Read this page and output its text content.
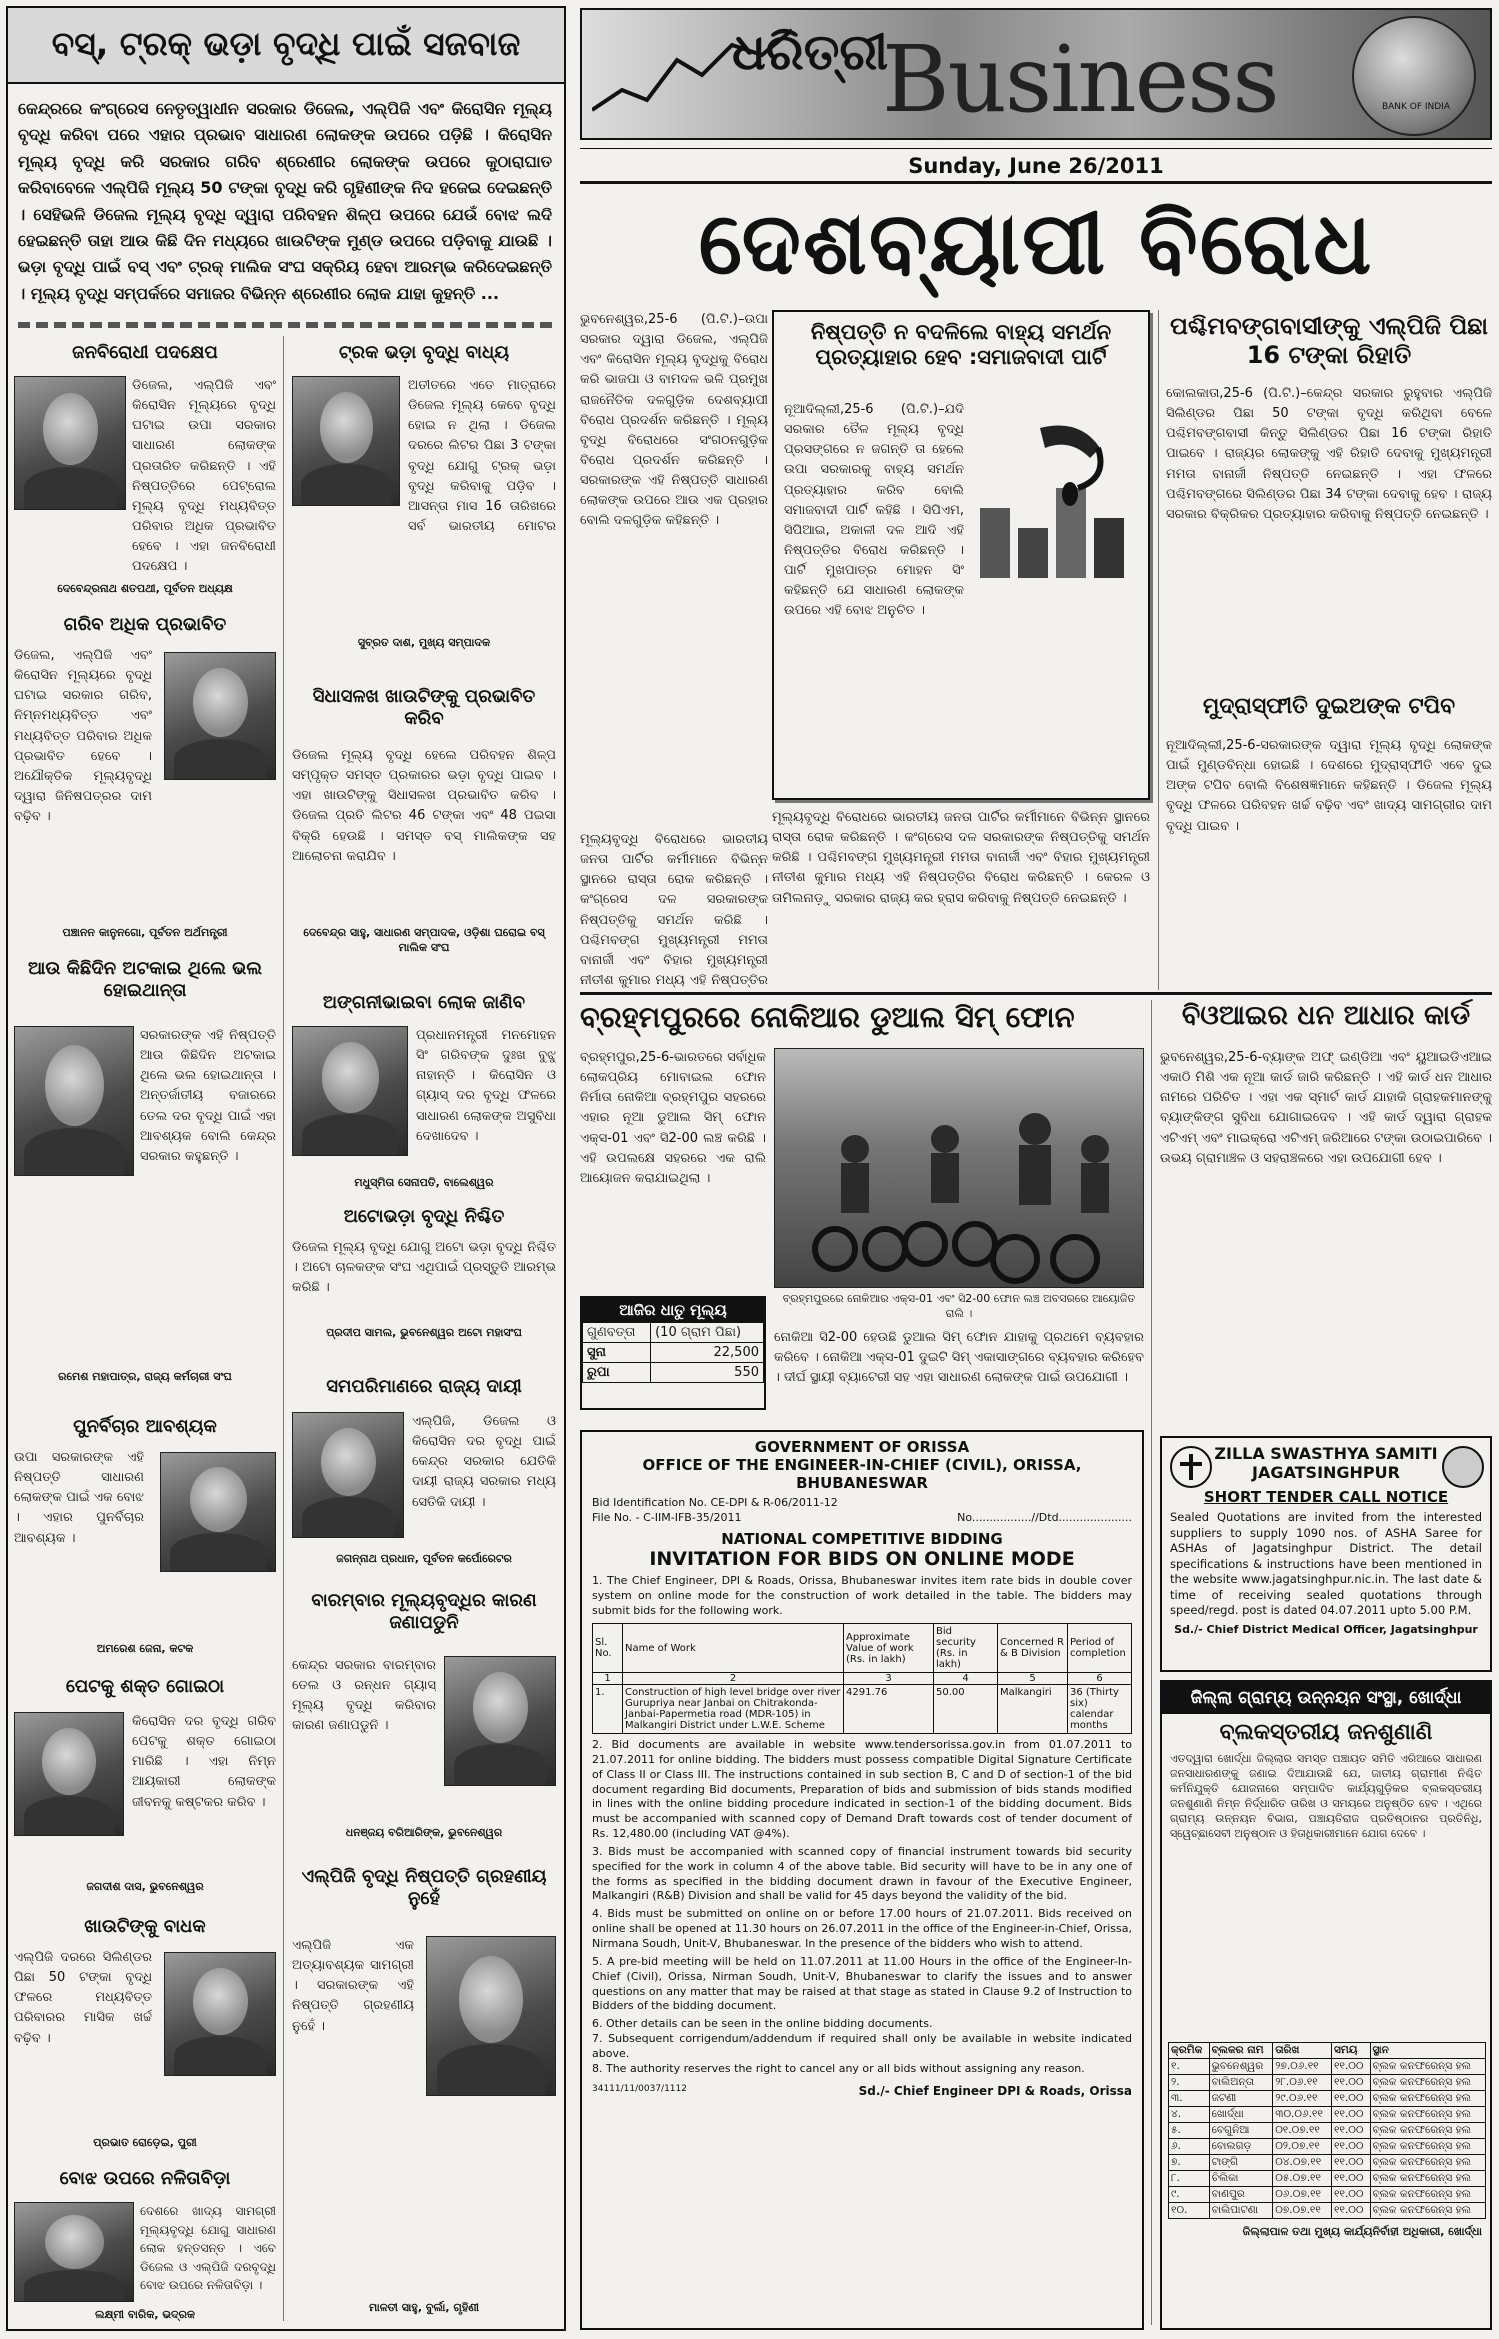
ବସ୍, ଟ୍ରକ୍ ଭଡ଼ା ବୃଦ୍ଧି ପାଇଁ ସଜବାଜ
କେନ୍ଦ୍ରରେ କଂଗ୍ରେସ ନେତୃତ୍ୱାଧୀନ ସରକାର ଡିଜେଲ, ଏଲ୍‌ପିଜି ଏବଂ କିରୋସିନ ମୂଲ୍ୟ ବୃଦ୍ଧି କରିବା ପରେ ଏହାର ପ୍ରଭାବ ସାଧାରଣ ଲୋକଙ୍କ ଉପରେ ପଡ଼ିଛି । କିରୋସିନ ମୂଲ୍ୟ ବୃଦ୍ଧି କରି ସରକାର ଗରିବ ଶ୍ରେଣୀର ଲୋକଙ୍କ ଉପରେ କୁଠାରାଘାତ କରିବାବେଳେ ଏଲ୍‌ପିଜି ମୂଲ୍ୟ 50 ଟଙ୍କା ବୃଦ୍ଧି କରି ଗୃହିଣୀଙ୍କ ନିଦ ହଜେଇ ଦେଇଛନ୍ତି । ସେହିଭଳି ଡିଜେଲ ମୂଲ୍ୟ ବୃଦ୍ଧି ଦ୍ୱାରା ପରିବହନ ଶିଳ୍ପ ଉପରେ ଯେଉଁ ବୋଝ ଲଦି ହେଇଛନ୍ତି ତାହା ଆଉ କିଛି ଦିନ ମଧ୍ୟରେ ଖାଉଟିଙ୍କ ମୁଣ୍ଡ ଉପରେ ପଡ଼ିବାକୁ ଯାଉଛି । ଭଡ଼ା ବୃଦ୍ଧି ପାଇଁ ବସ୍ ଏବଂ ଟ୍ରକ୍ ମାଲିକ ସଂଘ ସକ୍ରିୟ ହେବା ଆରମ୍ଭ କରିଦେଇଛନ୍ତି । ମୂଲ୍ୟ ବୃଦ୍ଧି ସମ୍ପର୍କରେ ସମାଜର ବିଭିନ୍ନ ଶ୍ରେଣୀର ଲୋକ ଯାହା କୁହନ୍ତି ...
ଜନବିରୋଧୀ ପଦକ୍ଷେପ
ଡିଜେଲ, ଏଲ୍‌ପିଜି ଏବଂ କିରୋସିନ ମୂଲ୍ୟରେ ବୃଦ୍ଧି ଘଟାଇ ଉପା ସରକାର ସାଧାରଣ ଲୋକଙ୍କ ପ୍ରତାରିତ କରିଛନ୍ତି । ଏହି ନିଷ୍ପତ୍ତିରେ ପେଟ୍ରୋଲ ମୂଲ୍ୟ ବୃଦ୍ଧି ମଧ୍ୟବିତ୍ତ ପରିବାର ଅଧିକ ପ୍ରଭାବିତ ହେବେ । ଏହା ଜନବିରୋଧୀ ପଦକ୍ଷେପ ।
ଦେବେନ୍ଦ୍ରନାଥ ଶତପଥୀ, ପୂର୍ବତନ ଅଧ୍ୟକ୍ଷ
ଗରିବ ଅଧିକ ପ୍ରଭାବିତ
ଡିଜେଲ, ଏଲ୍‌ପିଜି ଏବଂ କିରୋସିନ ମୂଲ୍ୟରେ ବୃଦ୍ଧି ଘଟାଇ ସରକାର ଗରିବ, ନିମ୍ନମଧ୍ୟବିତ୍ତ ଏବଂ ମଧ୍ୟବିତ୍ତ ପରିବାର ଅଧିକ ପ୍ରଭାବିତ ହେବେ । ଅଯୌକ୍ତିକ ମୂଲ୍ୟବୃଦ୍ଧି ଦ୍ୱାରା ଜିନିଷପତ୍ରର ଦାମ ବଢ଼ିବ ।
ପଞ୍ଚାନନ କାନୁନଗୋ, ପୂର୍ବତନ ଅର୍ଥମନ୍ତ୍ରୀ
ଆଉ କିଛିଦିନ ଅଟକାଇ ଥିଲେ ଭଲ ହୋଇଥାନ୍ତା
ସରକାରଙ୍କ ଏହି ନିଷ୍ପତ୍ତି ଆଉ କିଛିଦିନ ଅଟକାଇ ଥିଲେ ଭଲ ହୋଇଥାନ୍ତା । ଅନ୍ତର୍ଜାତୀୟ ବଜାରରେ ତେଲ ଦର ବୃଦ୍ଧି ପାଇଁ ଏହା ଆବଶ୍ୟକ ବୋଲି କେନ୍ଦ୍ର ସରକାର କହୁଛନ୍ତି ।
ରମେଶ ମହାପାତ୍ର, ରାଜ୍ୟ କର୍ମଚାରୀ ସଂଘ
ପୁନର୍ବିଚାର ଆବଶ୍ୟକ
ଉପା ସରକାରଙ୍କ ଏହି ନିଷ୍ପତ୍ତି ସାଧାରଣ ଲୋକଙ୍କ ପାଇଁ ଏକ ବୋଝ । ଏହାର ପୁନର୍ବିଚାର ଆବଶ୍ୟକ ।
ଅମରେଶ ଜେନା, କଟକ
ପେଟକୁ ଶକ୍ତ ଗୋଇଠା
କିରୋସିନ ଦର ବୃଦ୍ଧି ଗରିବ ପେଟକୁ ଶକ୍ତ ଗୋଇଠା ମାରିଛି । ଏହା ନିମ୍ନ ଆୟକାରୀ ଲୋକଙ୍କ ଜୀବନକୁ କଷ୍ଟକର କରିବ ।
ଜଗଦୀଶ ଦାସ, ଭୁବନେଶ୍ୱର
ଖାଉଟିଙ୍କୁ ବାଧକ
ଏଲ୍‌ପିଜି ଦରରେ ସିଲିଣ୍ଡର ପିଛା 50 ଟଙ୍କା ବୃଦ୍ଧି ଫଳରେ ମଧ୍ୟବିତ୍ତ ପରିବାରର ମାସିକ ଖର୍ଚ୍ଚ ବଢ଼ିବ ।
ପ୍ରଭାତ ରୋଡ଼େଇ, ପୁରୀ
ବୋଝ ଉପରେ ନଳିତାବିଡ଼ା
ଦେଶରେ ଖାଦ୍ୟ ସାମଗ୍ରୀ ମୂଲ୍ୟବୃଦ୍ଧି ଯୋଗୁ ସାଧାରଣ ଲୋକ ହନ୍ତସନ୍ତ । ଏବେ ଡିଜେଲ ଓ ଏଲ୍‌ପିଜି ଦରବୃଦ୍ଧି ବୋଝ ଉପରେ ନଳିତାବିଡ଼ା ।
ଲକ୍ଷ୍ମୀ ବାରିକ, ଭଦ୍ରକ
ଟ୍ରକ ଭଡ଼ା ବୃଦ୍ଧି ବାଧ୍ୟ
ଅତୀତରେ ଏତେ ମାତ୍ରାରେ ଡିଜେଲ ମୂଲ୍ୟ କେବେ ବୃଦ୍ଧି ହୋଇ ନ ଥିଲା । ଡିଜେଲ ଦରରେ ଲିଟର ପିଛା 3 ଟଙ୍କା ବୃଦ୍ଧି ଯୋଗୁ ଟ୍ରକ୍ ଭଡ଼ା ବୃଦ୍ଧି କରିବାକୁ ପଡ଼ିବ । ଆସନ୍ତା ମାସ 16 ତାରିଖରେ ସର୍ବ ଭାରତୀୟ ମୋଟର
ସୁବ୍ରତ ଦାଶ, ମୁଖ୍ୟ ସମ୍ପାଦକ
ସିଧାସଳଖ ଖାଉଟିଙ୍କୁ ପ୍ରଭାବିତ କରିବ
ଡିଜେଲ ମୂଲ୍ୟ ବୃଦ୍ଧି ହେଲେ ପରିବହନ ଶିଳ୍ପ ସମ୍ପୃକ୍ତ ସମସ୍ତ ପ୍ରକାରର ଭଡ଼ା ବୃଦ୍ଧି ପାଇବ । ଏହା ଖାଉଟିଙ୍କୁ ସିଧାସଳଖ ପ୍ରଭାବିତ କରିବ । ଡିଜେଲ ପ୍ରତି ଲିଟର 46 ଟଙ୍କା ଏବଂ 48 ପଇସା ବିକ୍ରି ହେଉଛି । ସମସ୍ତ ବସ୍ ମାଲିକଙ୍କ ସହ ଆଲୋଚନା କରାଯିବ ।
ଦେବେନ୍ଦ୍ର ସାହୁ, ସାଧାରଣ ସମ୍ପାଦକ, ଓଡ଼ିଶା ଘରୋଇ ବସ୍ ମାଲିକ ସଂଘ
ଅଙ୍ଗନୀଭାଇବା ଲୋକ ଜାଣିବ
ପ୍ରଧାନମନ୍ତ୍ରୀ ମନମୋହନ ସିଂ ଗରିବଙ୍କ ଦୁଃଖ ବୁଝୁ ନାହାନ୍ତି । କିରୋସିନ ଓ ଗ୍ୟାସ୍ ଦର ବୃଦ୍ଧି ଫଳରେ ସାଧାରଣ ଲୋକଙ୍କ ଅସୁବିଧା ଦେଖାଦେବ ।
ମଧୁସ୍ମିତା ସେନାପତି, ବାଲେଶ୍ୱର
ଅଟୋଭଡ଼ା ବୃଦ୍ଧି ନିଶ୍ଚିତ
ଡିଜେଲ ମୂଲ୍ୟ ବୃଦ୍ଧି ଯୋଗୁ ଅଟୋ ଭଡ଼ା ବୃଦ୍ଧି ନିଶ୍ଚିତ । ଅଟୋ ଚାଳକଙ୍କ ସଂଘ ଏଥିପାଇଁ ପ୍ରସ୍ତୁତି ଆରମ୍ଭ କରିଛି ।
ପ୍ରଦୀପ ସାମଲ, ଭୁବନେଶ୍ୱର ଅଟୋ ମହାସଂଘ
ସମପରିମାଣରେ ରାଜ୍ୟ ଦାୟୀ
ଏଲ୍‌ପିଜି, ଡିଜେଲ ଓ କିରୋସିନ ଦର ବୃଦ୍ଧି ପାଇଁ କେନ୍ଦ୍ର ସରକାର ଯେତିକି ଦାୟୀ ରାଜ୍ୟ ସରକାର ମଧ୍ୟ ସେତିକି ଦାୟୀ ।
ଜଗନ୍ନାଥ ପ୍ରଧାନ, ପୂର୍ବତନ କର୍ପୋରେଟର
ବାରମ୍ବାର ମୂଲ୍ୟବୃଦ୍ଧିର କାରଣ ଜଣାପଡୁନି
କେନ୍ଦ୍ର ସରକାର ବାରମ୍ବାର ତେଲ ଓ ରନ୍ଧନ ଗ୍ୟାସ୍ ମୂଲ୍ୟ ବୃଦ୍ଧି କରିବାର କାରଣ ଜଣାପଡୁନି ।
ଧନଞ୍ଜୟ ବରିଆରିଙ୍କ, ଭୁବନେଶ୍ୱର
ଏଲ୍‌ପିଜି ବୃଦ୍ଧି ନିଷ୍ପତ୍ତି ଗ୍ରହଣୀୟ ନୁହେଁ
ଏଲ୍‌ପିଜି ଏକ ଅତ୍ୟାବଶ୍ୟକ ସାମଗ୍ରୀ । ସରକାରଙ୍କ ଏହି ନିଷ୍ପତ୍ତି ଗ୍ରହଣୀୟ ନୁହେଁ ।
ମାଳତୀ ସାହୁ, ବୁର୍ଲା, ଗୃହିଣୀ
ଧରିତ୍ରୀ
Business	BANK OF INDIA
Sunday, June 26/2011
ଦେଶବ୍ୟାପୀ ବିରୋଧ
ଭୁବନେଶ୍ୱର,25-6 (ପି.ଟି.)–ଉପା ସରକାର ଦ୍ୱାରା ଡିଜେଲ, ଏଲ୍‌ପିଜି ଏବଂ କିରୋସିନ ମୂଲ୍ୟ ବୃଦ୍ଧିକୁ ବିରୋଧ କରି ଭାଜପା ଓ ବାମଦଳ ଭଳି ପ୍ରମୁଖ ରାଜନୈତିକ ଦଳଗୁଡ଼ିକ ଦେଶବ୍ୟାପୀ ବିରୋଧ ପ୍ରଦର୍ଶନ କରିଛନ୍ତି । ମୂଲ୍ୟ ବୃଦ୍ଧି ବିରୋଧରେ ସଂଗଠନଗୁଡ଼ିକ ବିରୋଧ ପ୍ରଦର୍ଶନ କରିଛନ୍ତି । ସରକାରଙ୍କ ଏହି ନିଷ୍ପତ୍ତି ସାଧାରଣ ଲୋକଙ୍କ ଉପରେ ଆଉ ଏକ ପ୍ରହାର ବୋଲି ଦଳଗୁଡ଼ିକ କହିଛନ୍ତି ।
ନିଷ୍ପତ୍ତି ନ ବଦଳିଲେ ବାହ୍ୟ ସମର୍ଥନ ପ୍ରତ୍ୟାହାର ହେବ :ସମାଜବାଦୀ ପାର୍ଟି
ନୂଆଦିଲ୍ଲୀ,25-6 (ପି.ଟି.)–ଯଦି ସରକାର ତୈଳ ମୂଲ୍ୟ ବୃଦ୍ଧି ପ୍ରସଙ୍ଗରେ ନ ଜଗନ୍ତି ତା ହେଲେ ଉପା ସରକାରକୁ ବାହ୍ୟ ସମର୍ଥନ ପ୍ରତ୍ୟାହାର କରିବ ବୋଲି ସମାଜବାଦୀ ପାର୍ଟି କହିଛି । ସିପିଏମ, ସିପିଆଇ, ଅକାଳୀ ଦଳ ଆଦି ଏହି ନିଷ୍ପତ୍ତିର ବିରୋଧ କରିଛନ୍ତି । ପାର୍ଟି ମୁଖପାତ୍ର ମୋହନ ସିଂ କହିଛନ୍ତି ଯେ ସାଧାରଣ ଲୋକଙ୍କ ଉପରେ ଏହି ବୋଝ ଅନୁଚିତ ।
ମୂଲ୍ୟବୃଦ୍ଧି ବିରୋଧରେ ଭାରତୀୟ ଜନତା ପାର୍ଟିର କର୍ମୀମାନେ ବିଭିନ୍ନ ସ୍ଥାନରେ ରାସ୍ତା ରୋକ କରିଛନ୍ତି । କଂଗ୍ରେସ ଦଳ ସରକାରଙ୍କ ନିଷ୍ପତ୍ତିକୁ ସମର୍ଥନ କରିଛି । ପଶ୍ଚିମବଙ୍ଗ ମୁଖ୍ୟମନ୍ତ୍ରୀ ମମତା ବାନାର୍ଜୀ ଏବଂ ବିହାର ମୁଖ୍ୟମନ୍ତ୍ରୀ ନୀତୀଶ କୁମାର ମଧ୍ୟ ଏହି ନିଷ୍ପତ୍ତିର ବିରୋଧ କରିଛନ୍ତି । କେରଳ ଓ ତାମିଲନାଡ଼ୁ ସରକାର ରାଜ୍ୟ କର ହ୍ରାସ କରିବାକୁ ନିଷ୍ପତ୍ତି ନେଇଛନ୍ତି ।
ମୂଲ୍ୟବୃଦ୍ଧି ବିରୋଧରେ ଭାରତୀୟ ଜନତା ପାର୍ଟିର କର୍ମୀମାନେ ବିଭିନ୍ନ ସ୍ଥାନରେ ରାସ୍ତା ରୋକ କରିଛନ୍ତି । କଂଗ୍ରେସ ଦଳ ସରକାରଙ୍କ ନିଷ୍ପତ୍ତିକୁ ସମର୍ଥନ କରିଛି । ପଶ୍ଚିମବଙ୍ଗ ମୁଖ୍ୟମନ୍ତ୍ରୀ ମମତା ବାନାର୍ଜୀ ଏବଂ ବିହାର ମୁଖ୍ୟମନ୍ତ୍ରୀ ନୀତୀଶ କୁମାର ମଧ୍ୟ ଏହି ନିଷ୍ପତ୍ତିର
ପଶ୍ଚିମବଙ୍ଗବାସୀଙ୍କୁ ଏଲ୍‌ପିଜି ପିଛା 16 ଟଙ୍କା ରିହାତି
କୋଲକାତା,25-6 (ପି.ଟି.)–କେନ୍ଦ୍ର ସରକାର ରୁହୁବାର ଏଲ୍‌ପିଜି ସିଲିଣ୍ଡର ପିଛା 50 ଟଙ୍କା ବୃଦ୍ଧି କରିଥିବା ବେଳେ ପଶ୍ଚିମବଙ୍ଗବାସୀ କିନ୍ତୁ ସିଲିଣ୍ଡର ପିଛା 16 ଟଙ୍କା ରିହାତି ପାଇବେ । ରାଜ୍ୟର ଲୋକଙ୍କୁ ଏହି ରିହାତି ଦେବାକୁ ମୁଖ୍ୟମନ୍ତ୍ରୀ ମମତା ବାନାର୍ଜୀ ନିଷ୍ପତ୍ତି ନେଇଛନ୍ତି । ଏହା ଫଳରେ ପଶ୍ଚିମବଙ୍ଗରେ ସିଲିଣ୍ଡର ପିଛା 34 ଟଙ୍କା ଦେବାକୁ ହେବ । ରାଜ୍ୟ ସରକାର ବିକ୍ରିକର ପ୍ରତ୍ୟାହାର କରିବାକୁ ନିଷ୍ପତ୍ତି ନେଇଛନ୍ତି ।
ମୁଦ୍ରାସ୍ଫୀତି ଦୁଇଅଙ୍କ ଟପିବ
ନୂଆଦିଲ୍ଲୀ,25-6-ସରକାରଙ୍କ ଦ୍ୱାରା ମୂଲ୍ୟ ବୃଦ୍ଧି ଲୋକଙ୍କ ପାଇଁ ମୁଣ୍ଡବିନ୍ଧା ହୋଇଛି । ଦେଶରେ ମୁଦ୍ରାସ୍ଫୀତି ଏବେ ଦୁଇ ଅଙ୍କ ଟପିବ ବୋଲି ବିଶେଷଜ୍ଞମାନେ କହିଛନ୍ତି । ଡିଜେଲ ମୂଲ୍ୟ ବୃଦ୍ଧି ଫଳରେ ପରିବହନ ଖର୍ଚ୍ଚ ବଢ଼ିବ ଏବଂ ଖାଦ୍ୟ ସାମଗ୍ରୀର ଦାମ ବୃଦ୍ଧି ପାଇବ ।
ବ୍ରହ୍ମପୁରରେ ନୋକିଆର ଡୁଆଲ ସିମ୍ ଫୋନ
ବ୍ରହ୍ମପୁର,25-6-ଭାରତରେ ସର୍ବାଧିକ ଲୋକପ୍ରିୟ ମୋବାଇଲ ଫୋନ ନିର୍ମାତା ନୋକିଆ ବ୍ରହ୍ମପୁର ସହରରେ ଏହାର ନୂଆ ଡୁଆଲ ସିମ୍ ଫୋନ ଏକ୍ସ-01 ଏବଂ ସି2-00 ଲଞ୍ଚ କରିଛି । ଏହି ଉପଲକ୍ଷେ ସହରରେ ଏକ ରାଲି ଆୟୋଜନ କରାଯାଇଥିଲା ।
ବ୍ରହ୍ମପୁରରେ ନୋକିଆର ଏକ୍ସ-01 ଏବଂ ସି2-00 ଫୋନ ଲଞ୍ଚ ଅବସରରେ ଆୟୋଜିତ ରାଲି ।
ନୋକିଆ ସି2-00 ହେଉଛି ଡୁଆଲ ସିମ୍ ଫୋନ ଯାହାକୁ ପ୍ରଥମେ ବ୍ୟବହାର କରିବେ । ନୋକିଆ ଏକ୍ସ-01 ଦୁଇଟି ସିମ୍ ଏକାସାଙ୍ଗରେ ବ୍ୟବହାର କରିହେବ । ଦୀର୍ଘ ସ୍ଥାୟୀ ବ୍ୟାଟେରୀ ସହ ଏହା ସାଧାରଣ ଲୋକଙ୍କ ପାଇଁ ଉପଯୋଗୀ ।
ଆଜିର ଧାତୁ ମୂଲ୍ୟ
ଗୁଣବତ୍ତା	(10 ଗ୍ରାମ ପିଛା)
ସୁନା	22,500
ରୁପା	550
GOVERNMENT OF ORISSA
OFFICE OF THE ENGINEER-IN-CHIEF (CIVIL), ORISSA, BHUBANESWAR
Bid Identification No. CE-DPI & R-06/2011-12
File No. - C-IIM-IFB-35/2011	No.................//Dtd.....................
NATIONAL COMPETITIVE BIDDING
INVITATION FOR BIDS ON ONLINE MODE
1. The Chief Engineer, DPI & Roads, Orissa, Bhubaneswar invites item rate bids in double cover system on online mode for the construction of work detailed in the table. The bidders may submit bids for the following work.
Sl. No.	Name of Work	Approximate Value of work (Rs. in lakh)	Bid security (Rs. in lakh)	Concerned R & B Division	Period of completion
1	2	3	4	5	6
1.	Construction of high level bridge over river Gurupriya near Janbai on Chitrakonda-Janbai-Papermetia road (MDR-105) in Malkangiri District under L.W.E. Scheme	4291.76	50.00	Malkangiri	36 (Thirty six) calendar months
2. Bid documents are available in website www.tendersorissa.gov.in from 01.07.2011 to 21.07.2011 for online bidding. The bidders must possess compatible Digital Signature Certificate of Class II or Class III. The instructions contained in sub section B, C and D of section-1 of the bid document regarding Bid documents, Preparation of bids and submission of bids stands modified in lines with the online bidding procedure indicated in section-1 of the bidding document. Bids must be accompanied with scanned copy of Demand Draft towards cost of tender document of Rs. 12,480.00 (including VAT @4%).
3. Bids must be accompanied with scanned copy of financial instrument towards bid security specified for the work in column 4 of the above table. Bid security will have to be in any one of the forms as specified in the bidding document drawn in favour of the Executive Engineer, Malkangiri (R&B) Division and shall be valid for 45 days beyond the validity of the bid.
4. Bids must be submitted on online on or before 17.00 hours of 21.07.2011. Bids received on online shall be opened at 11.30 hours on 26.07.2011 in the office of the Engineer-in-Chief, Orissa, Nirmana Soudh, Unit-V, Bhubaneswar. In the presence of the bidders who wish to attend.
5. A pre-bid meeting will be held on 11.07.2011 at 11.00 Hours in the office of the Engineer-In-Chief (Civil), Orissa, Nirman Soudh, Unit-V, Bhubaneswar to clarify the issues and to answer questions on any matter that may be raised at that stage as stated in Clause 9.2 of Instruction to Bidders of the bidding document.
6. Other details can be seen in the online bidding documents.
7. Subsequent corrigendum/addendum if required shall only be available in website indicated above.
8. The authority reserves the right to cancel any or all bids without assigning any reason.
34111/11/0037/1112	Sd./- Chief Engineer DPI & Roads, Orissa
ବିଓଆଇର ଧନ ଆଧାର କାର୍ଡ
ଭୁବନେଶ୍ୱର,25-6-ବ୍ୟାଙ୍କ ଅଫ୍ ଇଣ୍ଡିଆ ଏବଂ ୟୁଆଇଡିଏଆଇ ଏକାଠି ମିଶି ଏକ ନୂଆ କାର୍ଡ ଜାରି କରିଛନ୍ତି । ଏହି କାର୍ଡ ଧନ ଆଧାର ନାମରେ ପରିଚିତ । ଏହା ଏକ ସ୍ମାର୍ଟ କାର୍ଡ ଯାହାକି ଗ୍ରାହକମାନଙ୍କୁ ବ୍ୟାଙ୍କିଙ୍ଗ ସୁବିଧା ଯୋଗାଇଦେବ । ଏହି କାର୍ଡ ଦ୍ୱାରା ଗ୍ରାହକ ଏଟିଏମ୍ ଏବଂ ମାଇକ୍ରୋ ଏଟିଏମ୍ ଜରିଆରେ ଟଙ୍କା ଉଠାଇପାରିବେ । ଉଭୟ ଗ୍ରାମାଞ୍ଚଳ ଓ ସହରାଞ୍ଚଳରେ ଏହା ଉପଯୋଗୀ ହେବ ।
ZILLA SWASTHYA SAMITI
JAGATSINGHPUR
SHORT TENDER CALL NOTICE
Sealed Quotations are invited from the interested suppliers to supply 1090 nos. of ASHA Saree for ASHAs of Jagatsinghpur District. The detail specifications & instructions have been mentioned in the website www.jagatsinghpur.nic.in. The last date & time of receiving sealed quotations through speed/regd. post is dated 04.07.2011 upto 5.00 P.M.
Sd./- Chief District Medical Officer, Jagatsinghpur
ଜିଲ୍ଲା ଗ୍ରାମ୍ୟ ଉନ୍ନୟନ ସଂସ୍ଥା, ଖୋର୍ଦ୍ଧା
ବ୍ଲକସ୍ତରୀୟ ଜନଶୁଣାଣି
ଏତଦ୍ୱାରା ଖୋର୍ଦ୍ଧା ଜିଲ୍ଲାର ସମସ୍ତ ପଞ୍ଚାୟତ ସମିତି ଏରିଆରେ ସାଧାରଣ ଜନସାଧାରଣଙ୍କୁ ଜଣାଇ ଦିଆଯାଉଛି ଯେ, ଜାତୀୟ ଗ୍ରାମୀଣ ନିଶ୍ଚିତ କର୍ମନିଯୁକ୍ତି ଯୋଜନାରେ ସମ୍ପାଦିତ କାର୍ଯ୍ୟଗୁଡ଼ିକର ବ୍ଲକସ୍ତରୀୟ ଜନଶୁଣାଣି ନିମ୍ନ ନିର୍ଦ୍ଧାରିତ ତାରିଖ ଓ ସମୟରେ ଅନୁଷ୍ଠିତ ହେବ । ଏଥିରେ ଗ୍ରାମ୍ୟ ଉନ୍ନୟନ ବିଭାଗ, ପଞ୍ଚାୟତିରାଜ ପ୍ରତିଷ୍ଠାନର ପ୍ରତିନିଧି, ସ୍ୱେଚ୍ଛାସେବୀ ଅନୁଷ୍ଠାନ ଓ ହିତାଧିକାରୀମାନେ ଯୋଗ ଦେବେ ।
କ୍ରମିକ	ବ୍ଲକର ନାମ	ତାରିଖ	ସମୟ	ସ୍ଥାନ
୧.	ଭୁବନେଶ୍ୱର	୨୭.୦୬.୧୧	୧୧.୦୦	ବ୍ଲକ କନଫରେନ୍ସ ହଲ
୨.	ବାଲିଅନ୍ତା	୨୮.୦୬.୧୧	୧୧.୦୦	ବ୍ଲକ କନଫରେନ୍ସ ହଲ
୩.	ଜଟଣୀ	୨୯.୦୬.୧୧	୧୧.୦୦	ବ୍ଲକ କନଫରେନ୍ସ ହଲ
୪.	ଖୋର୍ଦ୍ଧା	୩୦.୦୬.୧୧	୧୧.୦୦	ବ୍ଲକ କନଫରେନ୍ସ ହଲ
୫.	ବେଗୁନିଆ	୦୧.୦୭.୧୧	୧୧.୦୦	ବ୍ଲକ କନଫରେନ୍ସ ହଲ
୬.	ବୋଲଗଡ଼	୦୨.୦୭.୧୧	୧୧.୦୦	ବ୍ଲକ କନଫରେନ୍ସ ହଲ
୭.	ଟାଙ୍ଗି	୦୪.୦୭.୧୧	୧୧.୦୦	ବ୍ଲକ କନଫରେନ୍ସ ହଲ
୮.	ଚିଲିକା	୦୫.୦୭.୧୧	୧୧.୦୦	ବ୍ଲକ କନଫରେନ୍ସ ହଲ
୯.	ବାଣପୁର	୦୬.୦୭.୧୧	୧୧.୦୦	ବ୍ଲକ କନଫରେନ୍ସ ହଲ
୧୦.	ବାଲିପାଟଣା	୦୭.୦୭.୧୧	୧୧.୦୦	ବ୍ଲକ କନଫରେନ୍ସ ହଲ
ଜିଲ୍ଲାପାଳ ତଥା ମୁଖ୍ୟ କାର୍ଯ୍ୟନିର୍ବାହୀ ଅଧିକାରୀ, ଖୋର୍ଦ୍ଧା
